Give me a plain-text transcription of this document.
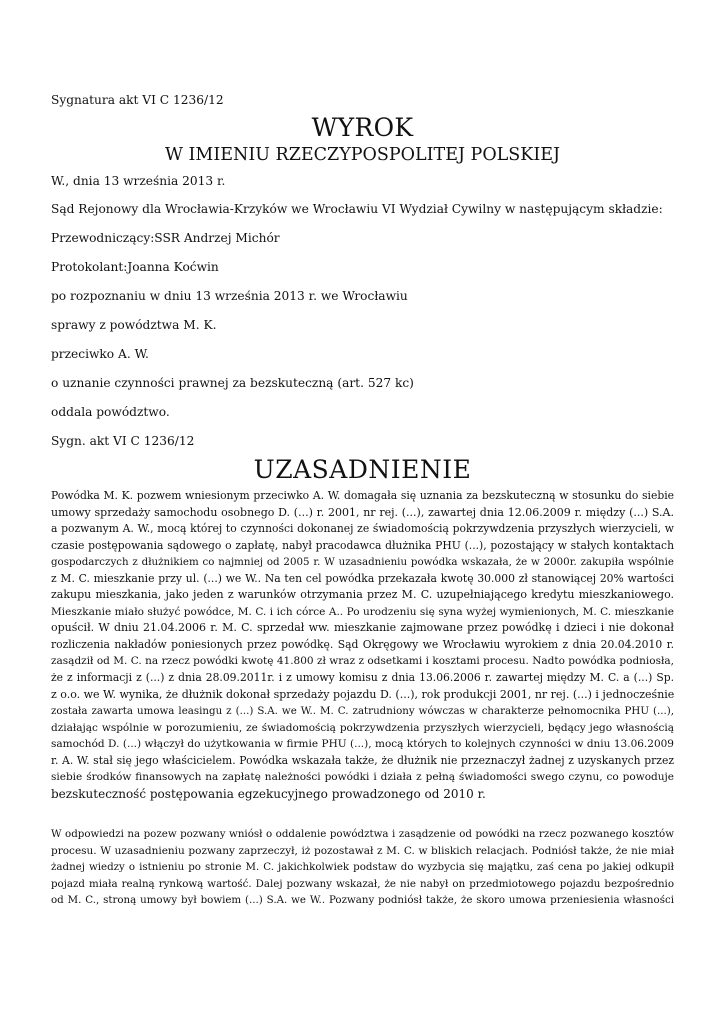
Sygnatura akt VI C 1236/12

WYROK
W IMIENIU RZECZYPOSPOLITEJ POLSKIEJ

W., dnia 13 września 2013 r.

Sąd Rejonowy dla Wrocławia-Krzyków we Wrocławiu VI Wydział Cywilny w następującym składzie:

Przewodniczący:SSR Andrzej Michór

Protokolant:Joanna Koćwin

po rozpoznaniu w dniu 13 września 2013 r. we Wrocławiu

sprawy z powództwa M. K.

przeciwko A. W.

o uznanie czynności prawnej za bezskuteczną (art. 527 kc)

oddala powództwo.

Sygn. akt VI C 1236/12

UZASADNIENIE
Powódka M. K. pozwem wniesionym przeciwko A. W. domagała się uznania za bezskuteczną w stosunku do siebie
umowy sprzedaży samochodu osobnego D. (...) r. 2001, nr rej. (...), zawartej dnia 12.06.2009 r. między (...) S.A.
a pozwanym A. W., mocą której to czynności dokonanej ze świadomością pokrzywdzenia przyszłych wierzycieli, w
czasie postępowania sądowego o zapłatę, nabył pracodawca dłużnika PHU (...), pozostający w stałych kontaktach
gospodarczych z dłużnikiem co najmniej od 2005 r. W uzasadnieniu powódka wskazała, że w 2000r. zakupiła wspólnie
z M. C. mieszkanie przy ul. (...) we W.. Na ten cel powódka przekazała kwotę 30.000 zł stanowiącej 20% wartości
zakupu mieszkania, jako jeden z warunków otrzymania przez M. C. uzupełniającego kredytu mieszkaniowego.
Mieszkanie miało służyć powódce, M. C. i ich córce A.. Po urodzeniu się syna wyżej wymienionych, M. C. mieszkanie
opuścił. W dniu 21.04.2006 r. M. C. sprzedał ww. mieszkanie zajmowane przez powódkę i dzieci i nie dokonał
rozliczenia nakładów poniesionych przez powódkę. Sąd Okręgowy we Wrocławiu wyrokiem z dnia 20.04.2010 r.
zasądził od M. C. na rzecz powódki kwotę 41.800 zł wraz z odsetkami i kosztami procesu. Nadto powódka podniosła,
że z informacji z (...) z dnia 28.09.2011r. i z umowy komisu z dnia 13.06.2006 r. zawartej między M. C. a (...) Sp.
z o.o. we W. wynika, że dłużnik dokonał sprzedaży pojazdu D. (...), rok produkcji 2001, nr rej. (...) i jednocześnie
została zawarta umowa leasingu z (...) S.A. we W.. M. C. zatrudniony wówczas w charakterze pełnomocnika PHU (...),
działając wspólnie w porozumieniu, ze świadomością pokrzywdzenia przyszłych wierzycieli, będący jego własnością
samochód D. (...) włączył do użytkowania w firmie PHU (...), mocą których to kolejnych czynności w dniu 13.06.2009
r. A. W. stał się jego właścicielem. Powódka wskazała także, że dłużnik nie przeznaczył żadnej z uzyskanych przez
siebie środków finansowych na zapłatę należności powódki i działa z pełną świadomości swego czynu, co powoduje
bezskuteczność postępowania egzekucyjnego prowadzonego od 2010 r.
W odpowiedzi na pozew pozwany wniósł o oddalenie powództwa i zasądzenie od powódki na rzecz pozwanego kosztów
procesu. W uzasadnieniu pozwany zaprzeczył, iż pozostawał z M. C. w bliskich relacjach. Podniósł także, że nie miał
żadnej wiedzy o istnieniu po stronie M. C. jakichkolwiek podstaw do wyzbycia się majątku, zaś cena po jakiej odkupił
pojazd miała realną rynkową wartość. Dalej pozwany wskazał, że nie nabył on przedmiotowego pojazdu bezpośrednio
od M. C., stroną umowy był bowiem (...) S.A. we W.. Pozwany podniósł także, że skoro umowa przeniesienia własności
